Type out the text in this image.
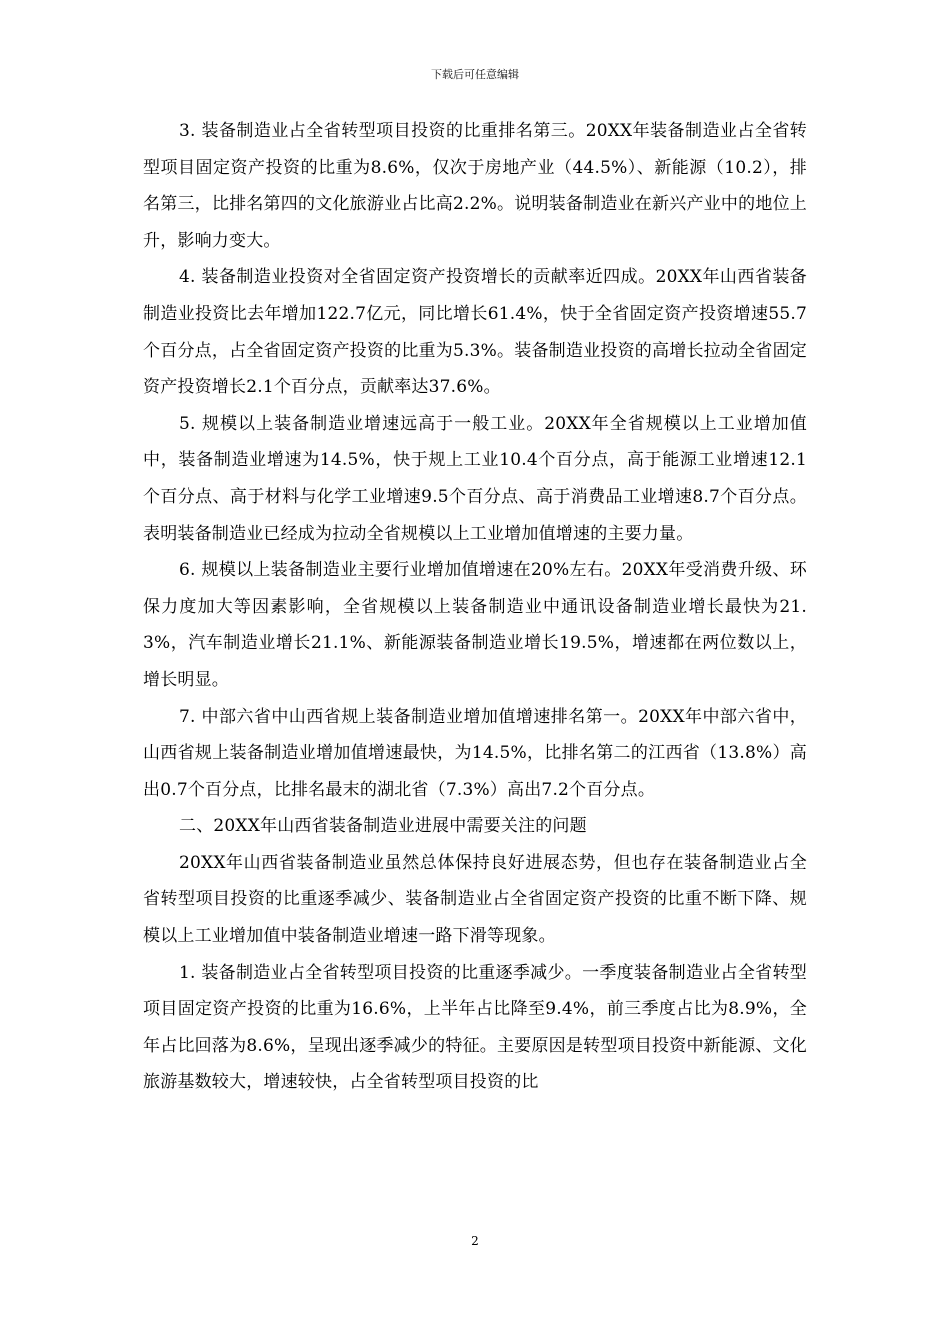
下载后可任意编辑

3. 装备制造业占全省转型项目投资的比重排名第三。20XX年装备制造业占全省转型项目固定资产投资的比重为8.6%，仅次于房地产业（44.5%）、新能源（10.2），排名第三，比排名第四的文化旅游业占比高2.2%。说明装备制造业在新兴产业中的地位上升，影响力变大。

4. 装备制造业投资对全省固定资产投资增长的贡献率近四成。20XX年山西省装备制造业投资比去年增加122.7亿元，同比增长61.4%，快于全省固定资产投资增速55.7个百分点，占全省固定资产投资的比重为5.3%。装备制造业投资的高增长拉动全省固定资产投资增长2.1个百分点，贡献率达37.6%。

5. 规模以上装备制造业增速远高于一般工业。20XX年全省规模以上工业增加值中，装备制造业增速为14.5%，快于规上工业10.4个百分点，高于能源工业增速12.1个百分点、高于材料与化学工业增速9.5个百分点、高于消费品工业增速8.7个百分点。表明装备制造业已经成为拉动全省规模以上工业增加值增速的主要力量。

6. 规模以上装备制造业主要行业增加值增速在20%左右。20XX年受消费升级、环保力度加大等因素影响，全省规模以上装备制造业中通讯设备制造业增长最快为21.3%，汽车制造业增长21.1%、新能源装备制造业增长19.5%，增速都在两位数以上，增长明显。

7. 中部六省中山西省规上装备制造业增加值增速排名第一。20XX年中部六省中，山西省规上装备制造业增加值增速最快，为14.5%，比排名第二的江西省（13.8%）高出0.7个百分点，比排名最末的湖北省（7.3%）高出7.2个百分点。

二、20XX年山西省装备制造业进展中需要关注的问题

20XX年山西省装备制造业虽然总体保持良好进展态势，但也存在装备制造业占全省转型项目投资的比重逐季减少、装备制造业占全省固定资产投资的比重不断下降、规模以上工业增加值中装备制造业增速一路下滑等现象。

1. 装备制造业占全省转型项目投资的比重逐季减少。一季度装备制造业占全省转型项目固定资产投资的比重为16.6%，上半年占比降至9.4%，前三季度占比为8.9%，全年占比回落为8.6%，呈现出逐季减少的特征。主要原因是转型项目投资中新能源、文化旅游基数较大，增速较快，占全省转型项目投资的比

2
